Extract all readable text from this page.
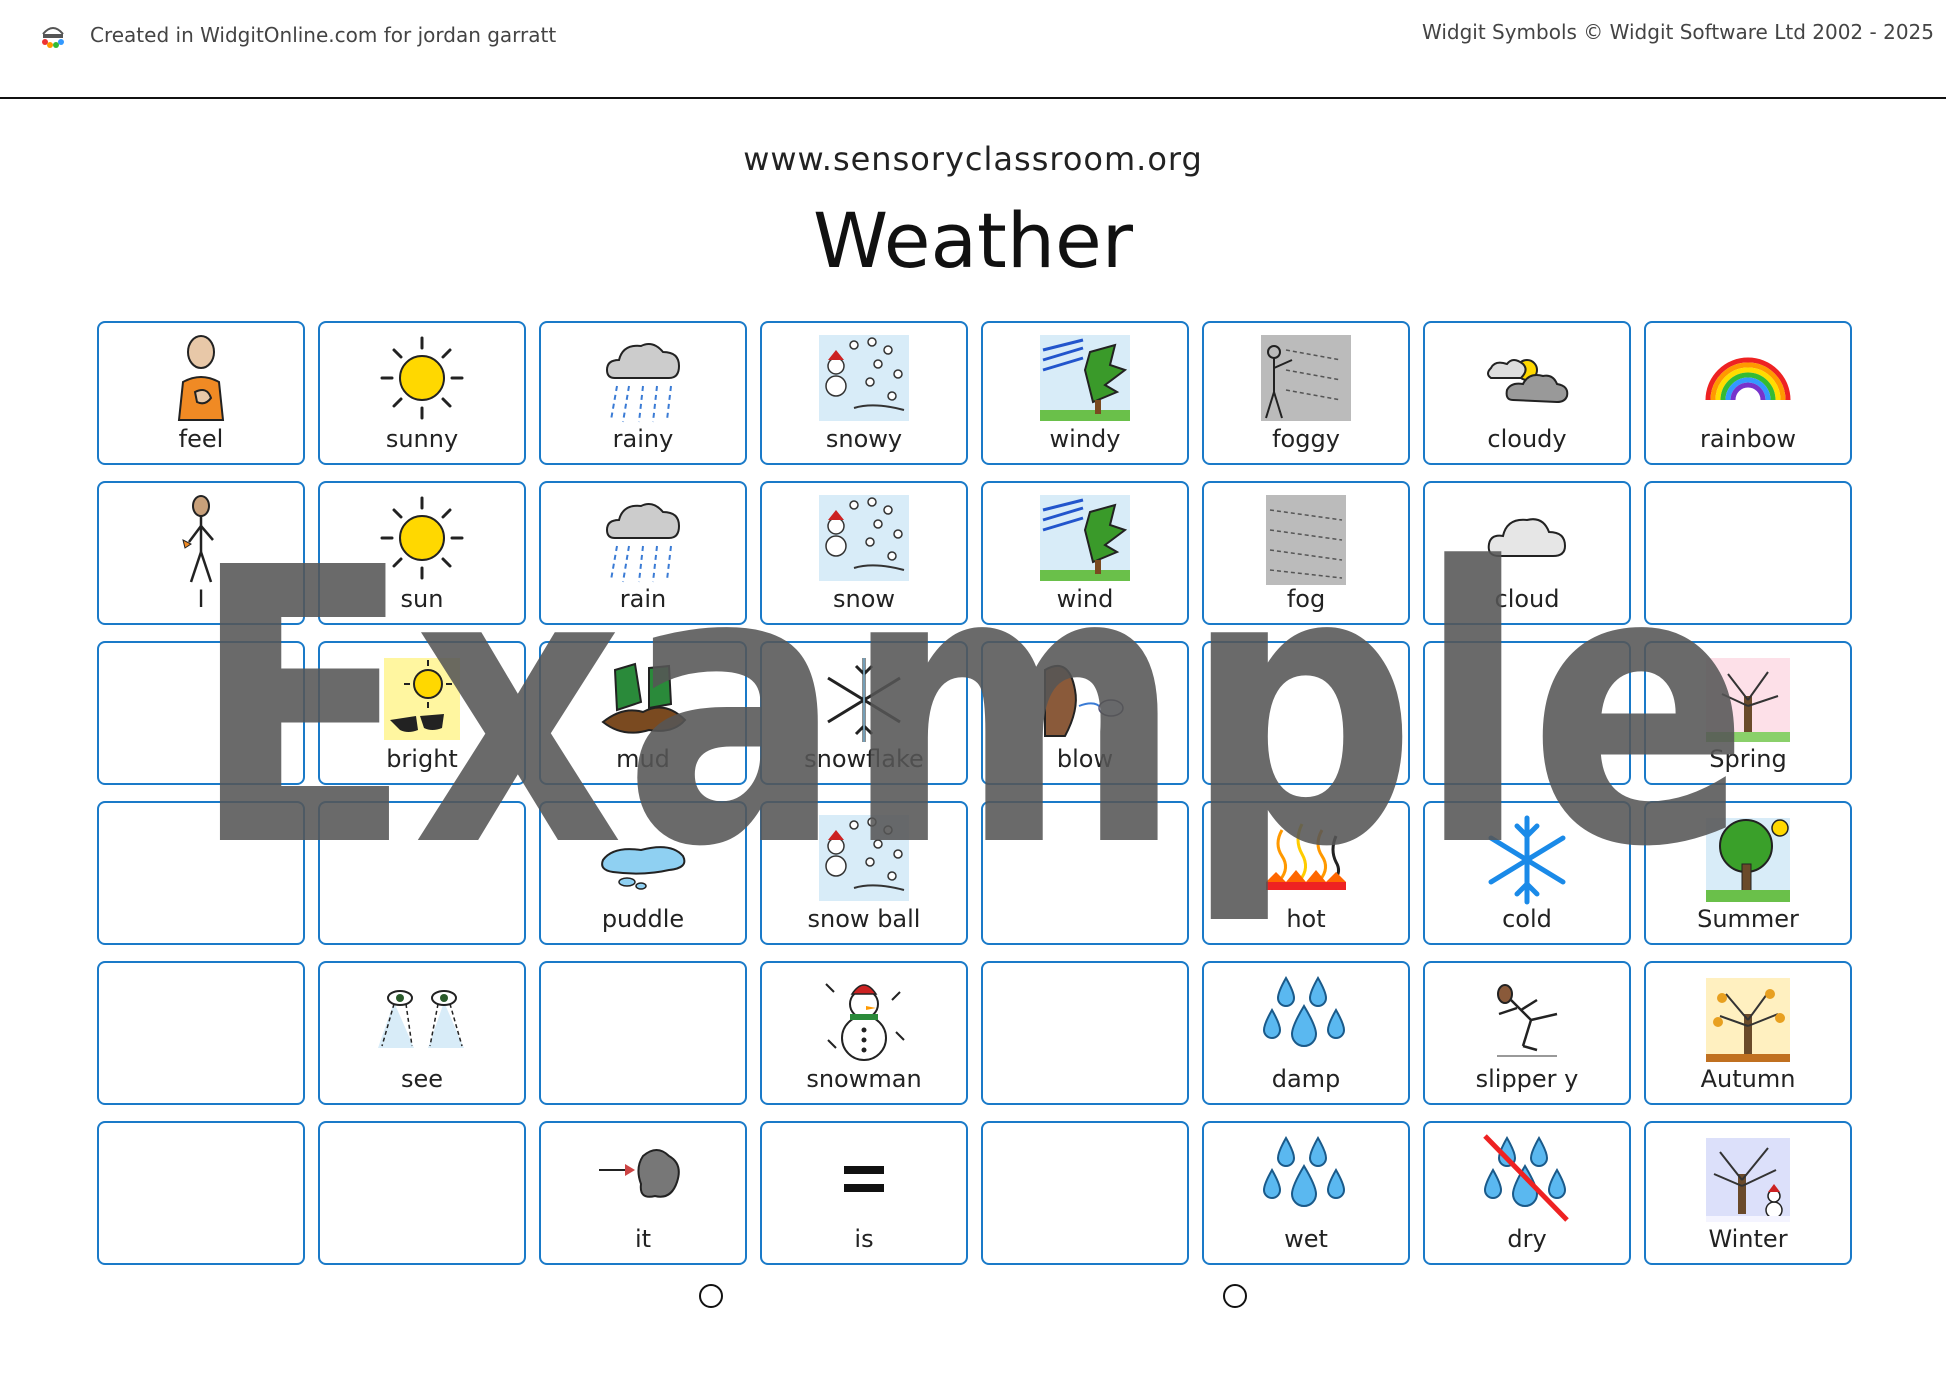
Created in WidgitOnline.com for jordan garratt	Widgit Symbols © Widgit Software Ltd 2002 - 2025
www.sensoryclassroom.org
Weather
feel	sunny	rainy	snowy	windy	foggy	cloudy	rainbow
I	sun	rain	snow	wind	fog	cloud
bright	mud	snowflake	blow	Spring
puddle	snow ball	hot	cold	Summer
see	snowman	damp	slipper y	Autumn
it	is	wet	dry	Winter
Example
